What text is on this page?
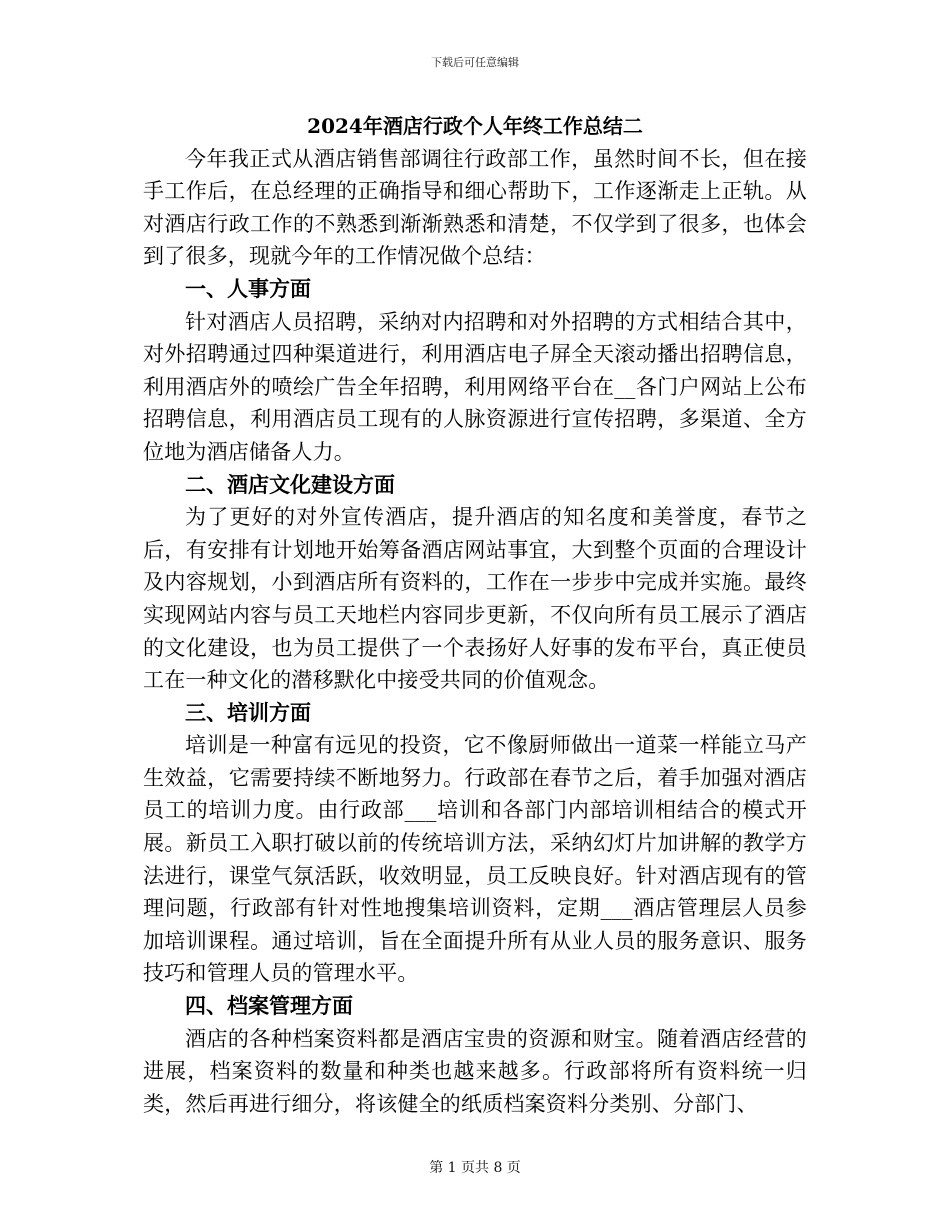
下载后可任意编辑
2024年酒店行政个人年终工作总结二

今年我正式从酒店销售部调往行政部工作，虽然时间不长，但在接手工作后，在总经理的正确指导和细心帮助下，工作逐渐走上正轨。从对酒店行政工作的不熟悉到渐渐熟悉和清楚，不仅学到了很多，也体会到了很多，现就今年的工作情况做个总结：

一、人事方面

针对酒店人员招聘，采纳对内招聘和对外招聘的方式相结合其中，对外招聘通过四种渠道进行，利用酒店电子屏全天滚动播出招聘信息，利用酒店外的喷绘广告全年招聘，利用网络平台在__各门户网站上公布招聘信息，利用酒店员工现有的人脉资源进行宣传招聘，多渠道、全方位地为酒店储备人力。

二、酒店文化建设方面

为了更好的对外宣传酒店，提升酒店的知名度和美誉度，春节之后，有安排有计划地开始筹备酒店网站事宜，大到整个页面的合理设计及内容规划，小到酒店所有资料的，工作在一步步中完成并实施。最终实现网站内容与员工天地栏内容同步更新，不仅向所有员工展示了酒店的文化建设，也为员工提供了一个表扬好人好事的发布平台，真正使员工在一种文化的潜移默化中接受共同的价值观念。

三、培训方面

培训是一种富有远见的投资，它不像厨师做出一道菜一样能立马产生效益，它需要持续不断地努力。行政部在春节之后，着手加强对酒店员工的培训力度。由行政部___培训和各部门内部培训相结合的模式开展。新员工入职打破以前的传统培训方法，采纳幻灯片加讲解的教学方法进行，课堂气氛活跃，收效明显，员工反映良好。针对酒店现有的管理问题，行政部有针对性地搜集培训资料，定期___酒店管理层人员参加培训课程。通过培训，旨在全面提升所有从业人员的服务意识、服务技巧和管理人员的管理水平。

四、档案管理方面

酒店的各种档案资料都是酒店宝贵的资源和财宝。随着酒店经营的进展，档案资料的数量和种类也越来越多。行政部将所有资料统一归类，然后再进行细分，将该健全的纸质档案资料分类别、分部门、

第 1 页共 8 页
